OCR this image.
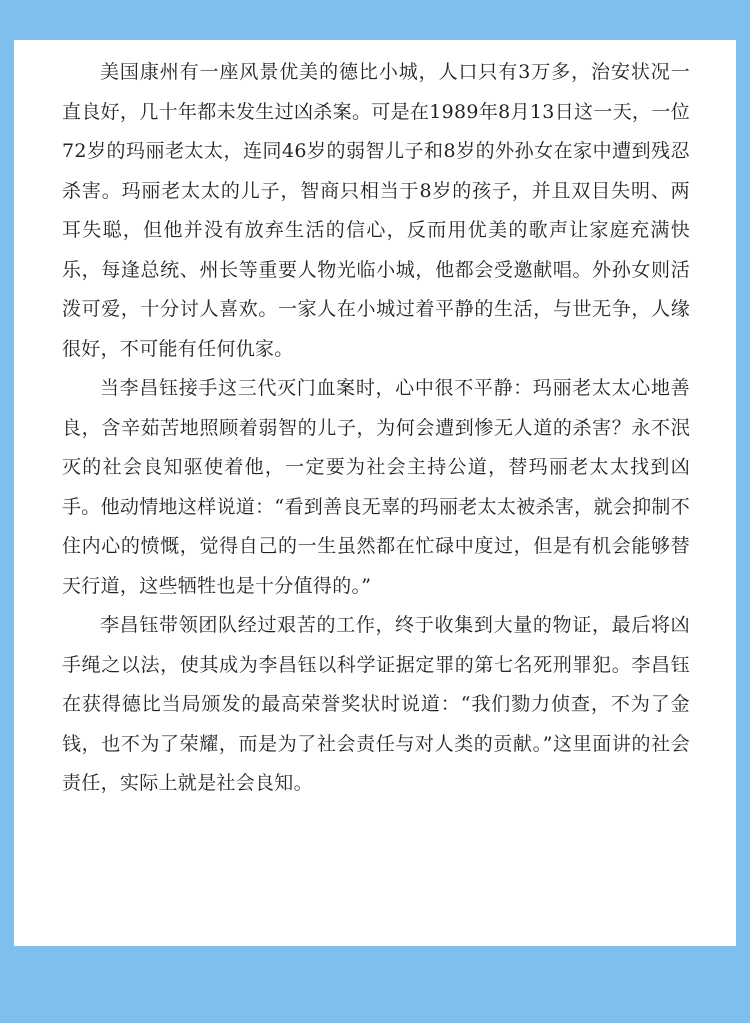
美国康州有一座风景优美的德比小城，人口只有3万多，治安状况一直良好，几十年都未发生过凶杀案。可是在1989年8月13日这一天，一位72岁的玛丽老太太，连同46岁的弱智儿子和8岁的外孙女在家中遭到残忍杀害。玛丽老太太的儿子，智商只相当于8岁的孩子，并且双目失明、两耳失聪，但他并没有放弃生活的信心，反而用优美的歌声让家庭充满快乐，每逢总统、州长等重要人物光临小城，他都会受邀献唱。外孙女则活泼可爱，十分讨人喜欢。一家人在小城过着平静的生活，与世无争，人缘很好，不可能有任何仇家。

当李昌钰接手这三代灭门血案时，心中很不平静：玛丽老太太心地善良，含辛茹苦地照顾着弱智的儿子，为何会遭到惨无人道的杀害？永不泯灭的社会良知驱使着他，一定要为社会主持公道，替玛丽老太太找到凶手。他动情地这样说道：“看到善良无辜的玛丽老太太被杀害，就会抑制不住内心的愤慨，觉得自己的一生虽然都在忙碌中度过，但是有机会能够替天行道，这些牺牲也是十分值得的。”

李昌钰带领团队经过艰苦的工作，终于收集到大量的物证，最后将凶手绳之以法，使其成为李昌钰以科学证据定罪的第七名死刑罪犯。李昌钰在获得德比当局颁发的最高荣誉奖状时说道：“我们勠力侦查，不为了金钱，也不为了荣耀，而是为了社会责任与对人类的贡献。”这里面讲的社会责任，实际上就是社会良知。
